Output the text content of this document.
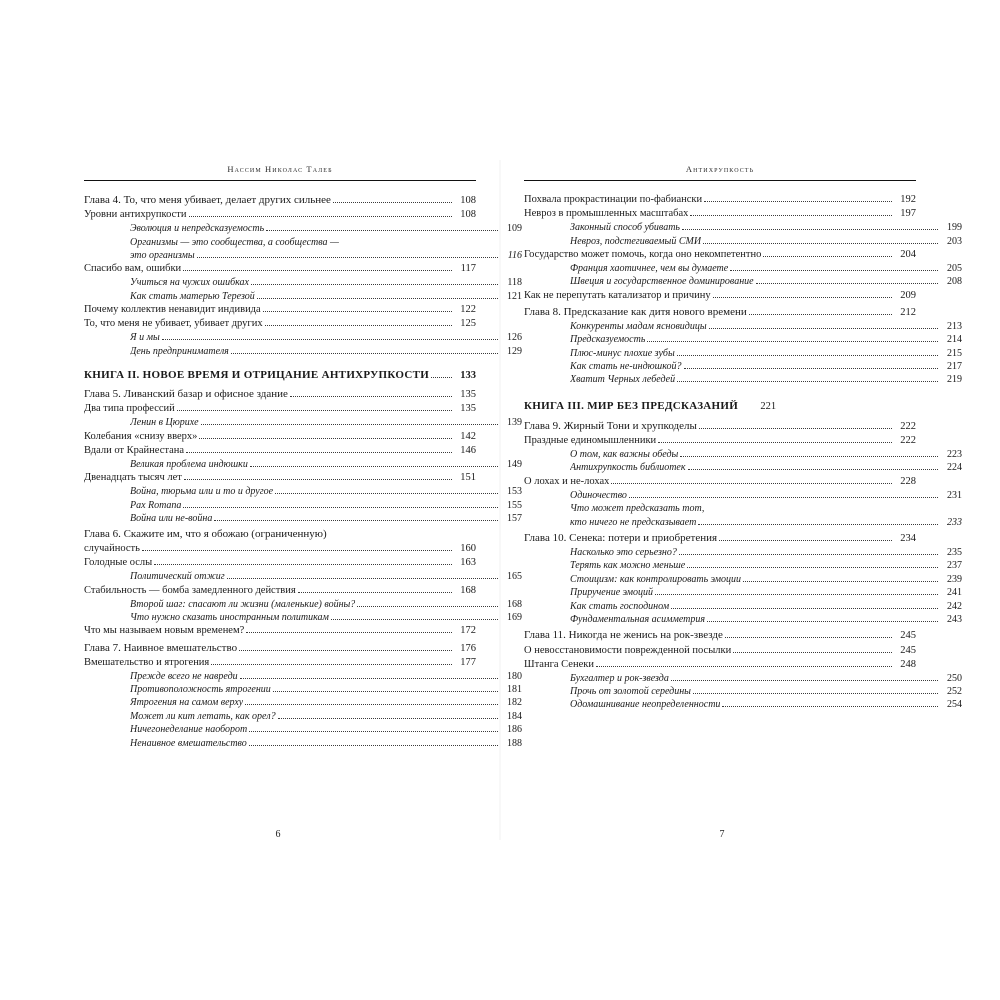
Нассим Николас Талеб
Глава 4. То, что меня убивает, делает других сильнее	108
Уровни антихрупкости	108
Эволюция и непредсказуемость	109
Организмы — это сообщества, а сообщества —
это организмы	116
Спасибо вам, ошибки	117
Учиться на чужих ошибках	118
Как стать матерью Терезой	121
Почему коллектив ненавидит индивида	122
То, что меня не убивает, убивает других	125
Я и мы	126
День предпринимателя	129
КНИГА II. НОВОЕ ВРЕМЯ И ОТРИЦАНИЕ АНТИХРУПКОСТИ	133
Глава 5. Ливанский базар и офисное здание	135
Два типа профессий	135
Ленин в Цюрихе	139
Колебания «снизу вверх»	142
Вдали от Крайнестана	146
Великая проблема индюшки	149
Двенадцать тысяч лет	151
Война, тюрьма или и то и другое	153
Pax Romana	155
Война или не-война	157
Глава 6. Скажите им, что я обожаю (ограниченную)
случайность	160
Голодные ослы	163
Политический отжиг	165
Стабильность — бомба замедленного действия	168
Второй шаг: спасают ли жизни (маленькие) войны?	168
Что нужно сказать иностранным политикам	169
Что мы называем новым временем?	172
Глава 7. Наивное вмешательство	176
Вмешательство и ятрогения	177
Прежде всего не навреди	180
Противоположность ятрогении	181
Ятрогения на самом верху	182
Может ли кит летать, как орел?	184
Ничегонеделание наоборот	186
Ненаивное вмешательство	188
6
Антихрупкость
Похвала прокрастинации по-фабиански	192
Невроз в промышленных масштабах	197
Законный способ убивать	199
Невроз, подстегиваемый СМИ	203
Государство может помочь, когда оно некомпетентно	204
Франция хаотичнее, чем вы думаете	205
Швеция и государственное доминирование	208
Как не перепутать катализатор и причину	209
Глава 8. Предсказание как дитя нового времени	212
Конкуренты мадам ясновидицы	213
Предсказуемость	214
Плюс-минус плохие зубы	215
Как стать не-индюшкой?	217
Хватит Черных лебедей	219
КНИГА III. МИР БЕЗ ПРЕДСКАЗАНИЙ	221
Глава 9. Жирный Тони и хрупкоделы	222
Праздные единомышленники	222
О том, как важны обеды	223
Антихрупкость библиотек	224
О лохах и не-лохах	228
Одиночество	231
Что может предсказать тот,
кто ничего не предсказывает	233
Глава 10. Сенека: потери и приобретения	234
Насколько это серьезно?	235
Терять как можно меньше	237
Стоицизм: как контролировать эмоции	239
Приручение эмоций	241
Как стать господином	242
Фундаментальная асимметрия	243
Глава 11. Никогда не женись на рок-звезде	245
О невосстановимости поврежденной посылки	245
Штанга Сенеки	248
Бухгалтер и рок-звезда	250
Прочь от золотой середины	252
Одомашнивание неопределенности	254
7
